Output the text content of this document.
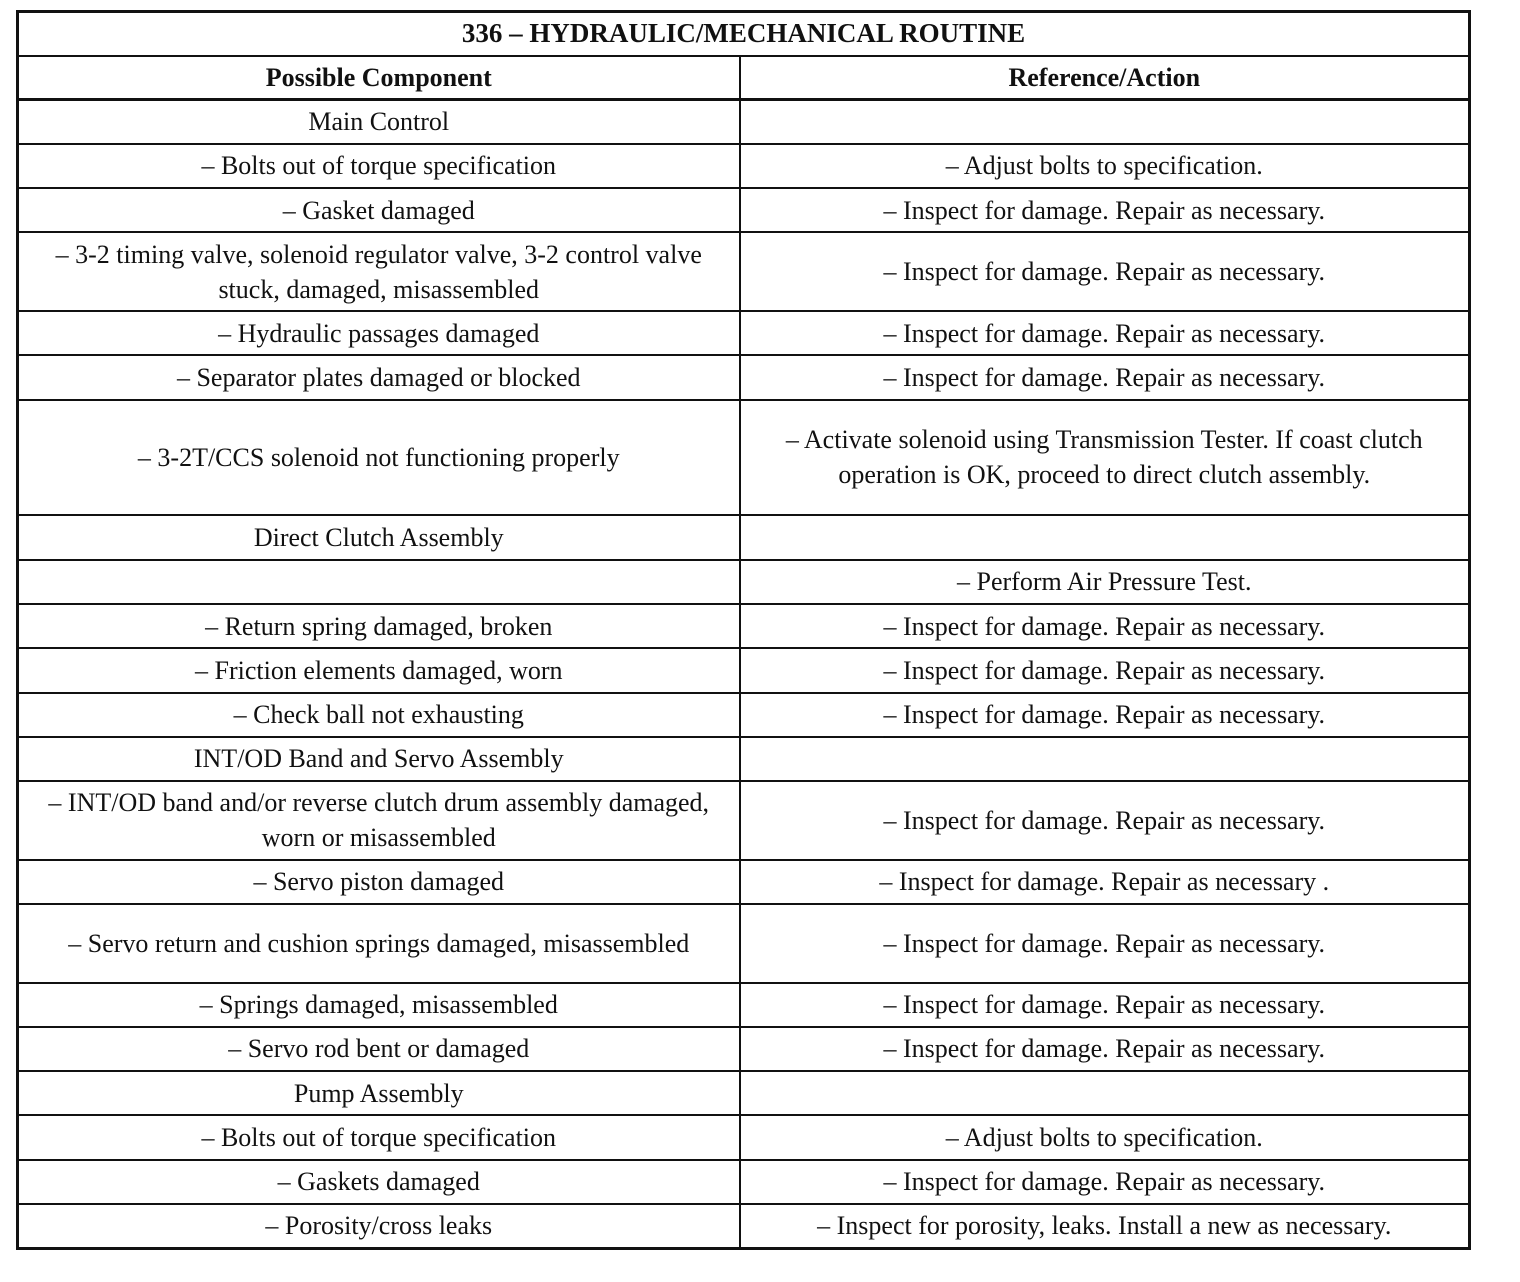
336 – HYDRAULIC/MECHANICAL ROUTINE	
Possible Component	Reference/Action
Main Control	
– Bolts out of torque specification	– Adjust bolts to specification.
– Gasket damaged	– Inspect for damage. Repair as necessary.
– 3-2 timing valve, solenoid regulator valve, 3-2 control valve stuck, damaged, misassembled	– Inspect for damage. Repair as necessary.
– Hydraulic passages damaged	– Inspect for damage. Repair as necessary.
– Separator plates damaged or blocked	– Inspect for damage. Repair as necessary.
– 3-2T/CCS solenoid not functioning properly	– Activate solenoid using Transmission Tester. If coast clutch operation is OK, proceed to direct clutch assembly.
Direct Clutch Assembly	
	– Perform Air Pressure Test.
– Return spring damaged, broken	– Inspect for damage. Repair as necessary.
– Friction elements damaged, worn	– Inspect for damage. Repair as necessary.
– Check ball not exhausting	– Inspect for damage. Repair as necessary.
INT/OD Band and Servo Assembly	
– INT/OD band and/or reverse clutch drum assembly damaged, worn or misassembled	– Inspect for damage. Repair as necessary.
– Servo piston damaged	– Inspect for damage. Repair as necessary .
– Servo return and cushion springs damaged, misassembled	– Inspect for damage. Repair as necessary.
– Springs damaged, misassembled	– Inspect for damage. Repair as necessary.
– Servo rod bent or damaged	– Inspect for damage. Repair as necessary.
Pump Assembly	
– Bolts out of torque specification	– Adjust bolts to specification.
– Gaskets damaged	– Inspect for damage. Repair as necessary.
– Porosity/cross leaks	– Inspect for porosity, leaks. Install a new as necessary.
